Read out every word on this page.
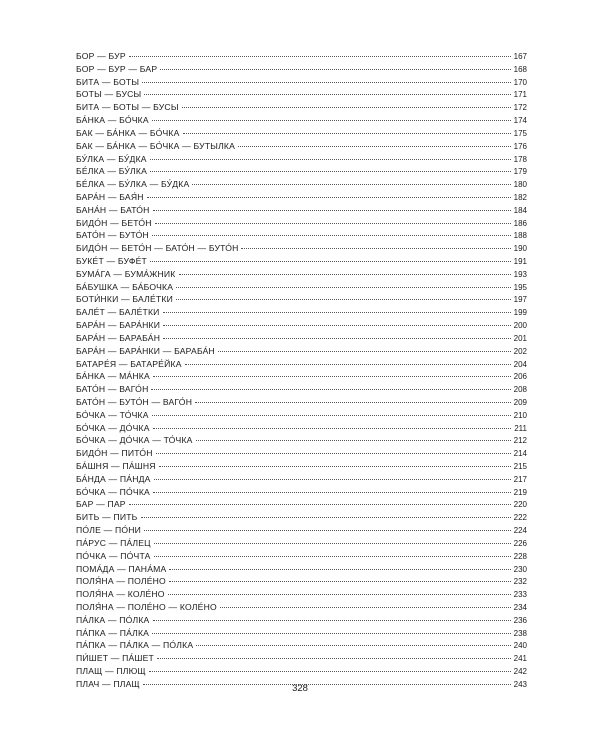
БОР — БУР	167
БОР — БУР — БАР	168
БИТА — БОТЫ	170
БОТЫ — БУСЫ	171
БИТА — БОТЫ — БУСЫ	172
БА́НКА — БО́ЧКА	174
БАК — БА́НКА — БО́ЧКА	175
БАК — БА́НКА — БО́ЧКА — БУТЫЛКА	176
БУ́ЛКА — БУ́ДКА	178
БЕ́ЛКА — БУ́ЛКА	179
БЕ́ЛКА — БУ́ЛКА — БУ́ДКА	180
БАРА́Н — БАЯ́Н	182
БАНА́Н — БАТО́Н	184
БИДО́Н — БЕТО́Н	186
БАТО́Н — БУТО́Н	188
БИДО́Н — БЕТО́Н — БАТО́Н — БУТО́Н	190
БУКЕ́Т — БУФЕ́Т	191
БУМА́ГА — БУМА́ЖНИК	193
БА́БУШКА — БА́БОЧКА	195
БОТИ́НКИ — БАЛЕ́ТКИ	197
БАЛЕ́Т — БАЛЕ́ТКИ	199
БАРА́Н — БАРА́НКИ	200
БАРА́Н — БАРАБА́Н	201
БАРА́Н — БАРА́НКИ — БАРАБА́Н	202
БАТАРЕ́Я — БАТАРЕ́ЙКА	204
БА́НКА — МА́НКА	206
БАТО́Н — ВАГО́Н	208
БАТО́Н — БУТО́Н — ВАГО́Н	209
БО́ЧКА — ТО́ЧКА	210
БО́ЧКА — ДО́ЧКА	211
БО́ЧКА — ДО́ЧКА — ТО́ЧКА	212
БИДО́Н — ПИТО́Н	214
БА́ШНЯ — ПА́ШНЯ	215
БА́НДА — ПА́НДА	217
БО́ЧКА — ПО́ЧКА	219
БАР — ПАР	220
БИТЬ — ПИТЬ	222
ПО́ЛЕ — ПО́НИ	224
ПА́РУС — ПА́ЛЕЦ	226
ПО́ЧКА — ПО́ЧТА	228
ПОМА́ДА — ПАНА́МА	230
ПОЛЯ́НА — ПОЛЕ́НО	232
ПОЛЯ́НА — КОЛЕ́НО	233
ПОЛЯ́НА — ПОЛЕ́НО — КОЛЕ́НО	234
ПА́ЛКА — ПО́ЛКА	236
ПА́ПКА — ПА́ЛКА	238
ПА́ПКА — ПА́ЛКА — ПО́ЛКА	240
ПИ́ШЕТ — ПА́ШЕТ	241
ПЛАЩ — ПЛЮЩ	242
ПЛАЧ — ПЛАЩ	243
328
